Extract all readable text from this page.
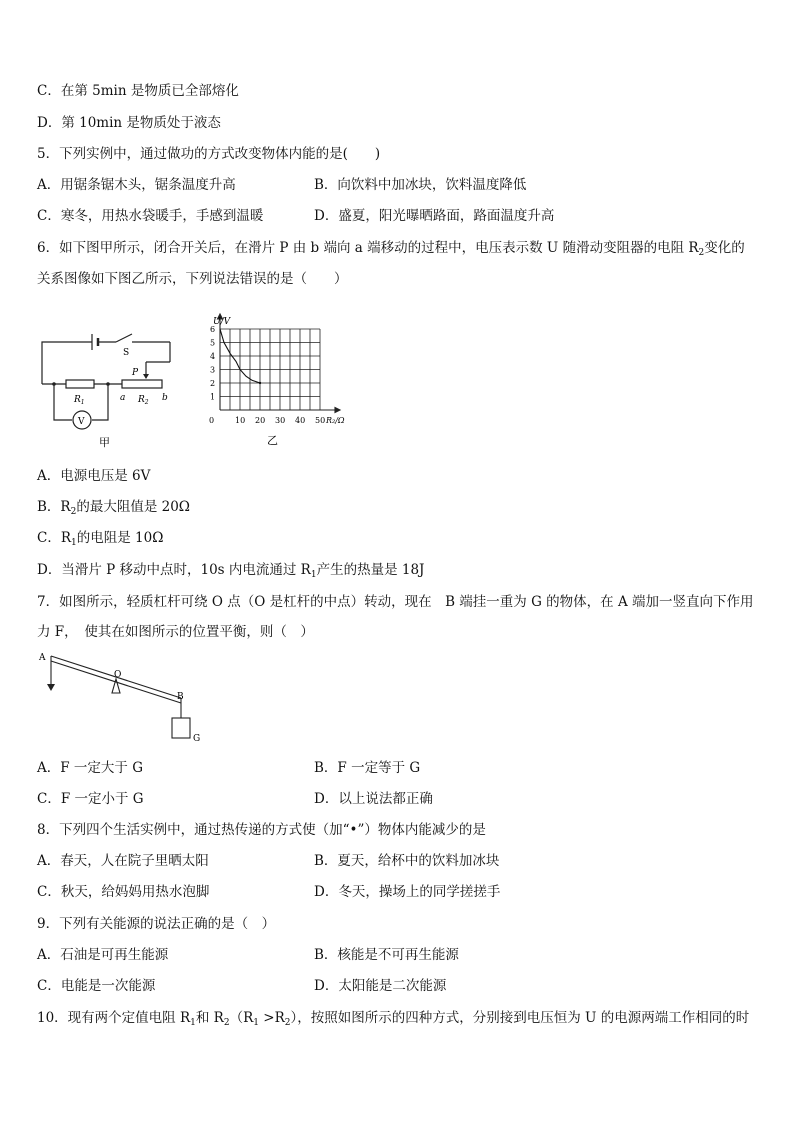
C．在第 5min 是物质已全部熔化
D．第 10min 是物质处于液态
5．下列实例中，通过做功的方式改变物体内能的是(　　)
A．用锯条锯木头，锯条温度升高	B．向饮料中加冰块，饮料温度降低
C．寒冬，用热水袋暖手，手感到温暖	D．盛夏，阳光曝晒路面，路面温度升高
6．如下图甲所示，闭合开关后，在滑片 P 由 b 端向 a 端移动的过程中，电压表示数 U 随滑动变阻器的电阻 $R_2$变化的
关系图像如下图乙所示，下列说法错误的是（　　）
S
P
a	b
$R_1$	$R_2$
V
甲
10 20 30 40 50
1
2
3
4
5
6
U/V
R₂/Ω
0
乙
A．电源电压是 6V
B．$R_2$的最大阻值是 20Ω
C．$R_1$的电阻是 10Ω
D．当滑片 P 移动中点时，10s 内电流通过 $R_1$产生的热量是 18J
7．如图所示，轻质杠杆可绕 O 点（O 是杠杆的中点）转动，现在　B 端挂一重为 G 的物体，在 A 端加一竖直向下作用
力 F，　使其在如图所示的位置平衡，则（　）
A
O
B
G
A．F 一定大于 G	B．F 一定等于 G
C．F 一定小于 G	D．以上说法都正确
8．下列四个生活实例中，通过热传递的方式使（加“•”）物体内能减少的是
A．春天，人在院子里晒太阳	B．夏天，给杯中的饮料加冰块
C．秋天，给妈妈用热水泡脚	D．冬天，操场上的同学搓搓手
9．下列有关能源的说法正确的是（　）
A．石油是可再生能源	B．核能是不可再生能源
C．电能是一次能源	D．太阳能是二次能源
10．现有两个定值电阻 $R_1$和 $R_2(R_1 >R_2)$，按照如图所示的四种方式，分别接到电压恒为 U 的电源两端工作相同的时
